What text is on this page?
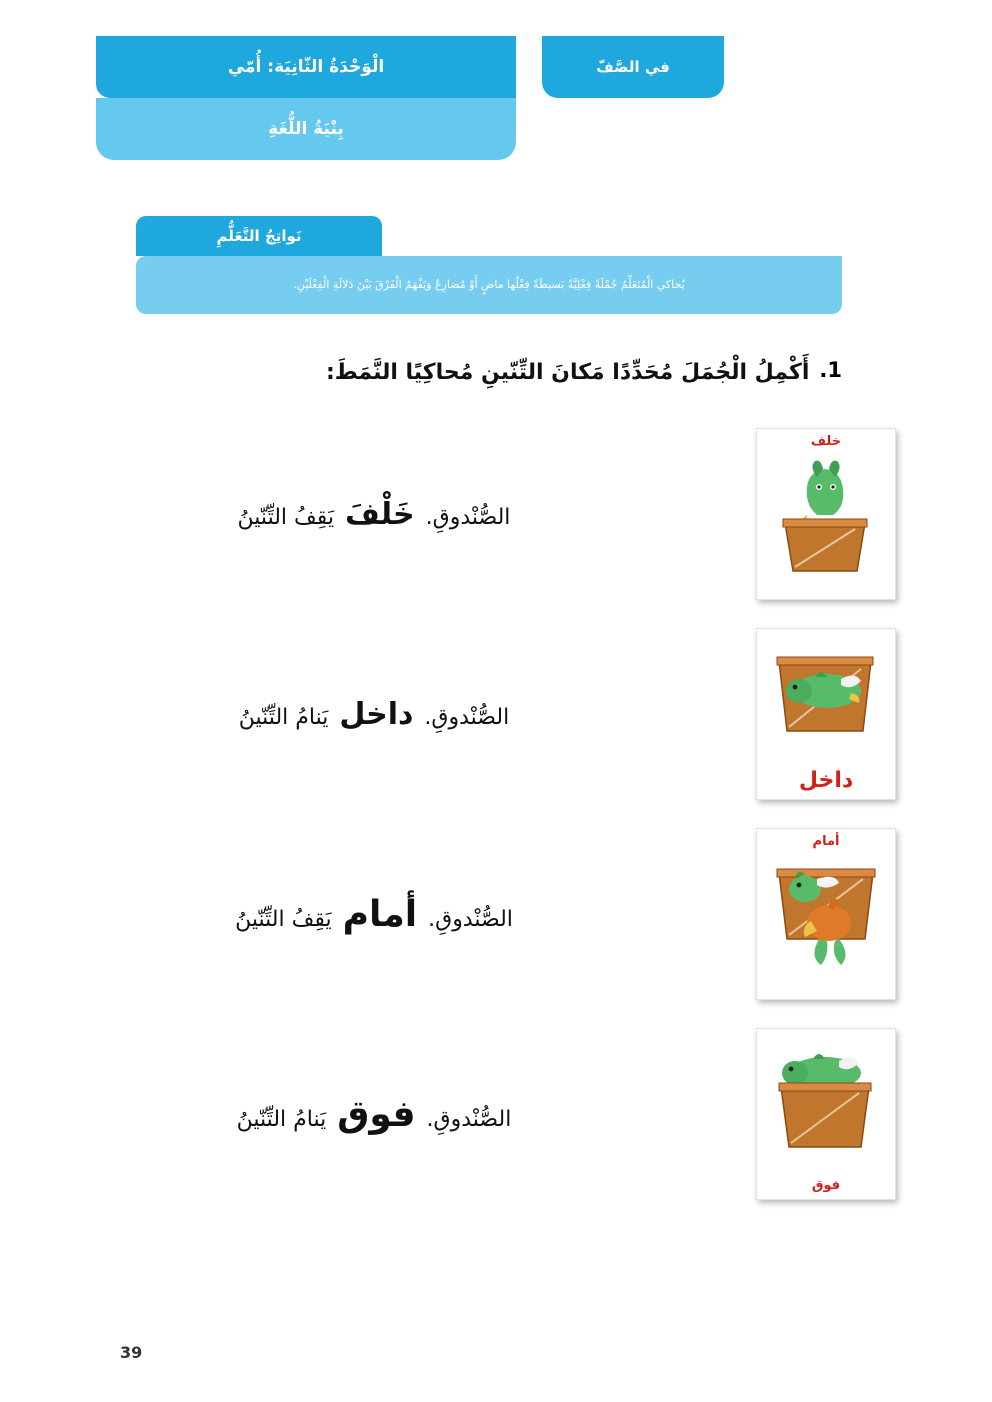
في الصَّفّ
الْوَحْدَةُ الثّانِيَة: أُمّي
بِنْيَةُ اللُّغَةِ
نَواتِجُ التَّعَلُّمِ
يُحاكي الْمُتَعَلِّمُ جُمْلَةً فِعْلِيَّةً بَسيطَةً فِعْلُها ماضٍ أَوْ مُضارِعٌ وَيَفْهَمُ الْفَرْقَ بَيْنَ دَلالَةِ الْفِعْلَيْنِ.
1.
أَكْمِلُ الْجُمَلَ مُحَدِّدًا مَكانَ التِّنّينِ مُحاكِيًا النَّمَطَ:
خلف
الصُّنْدوقِ. خَلْفَ يَقِفُ التِّنّينُ
داخل
الصُّنْدوقِ. داخل يَنامُ التِّنّينُ
أمام
الصُّنْدوقِ. أمام يَقِفُ التِّنّينُ
فوق
الصُّنْدوقِ. فوق يَنامُ التِّنّينُ
39
